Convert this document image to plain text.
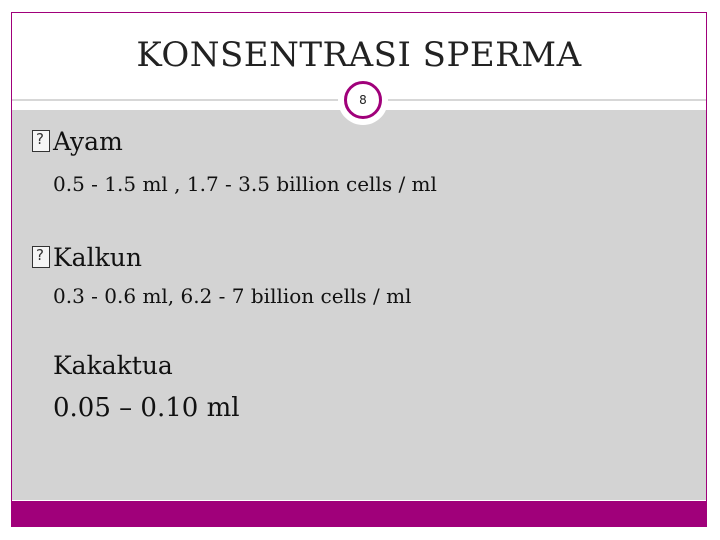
KONSENTRASI SPERMA
8
?Ayam
0.5 - 1.5 ml , 1.7 - 3.5 billion cells / ml
?Kalkun
0.3 - 0.6 ml, 6.2 - 7 billion cells / ml
Kakaktua
0.05 – 0.10 ml
